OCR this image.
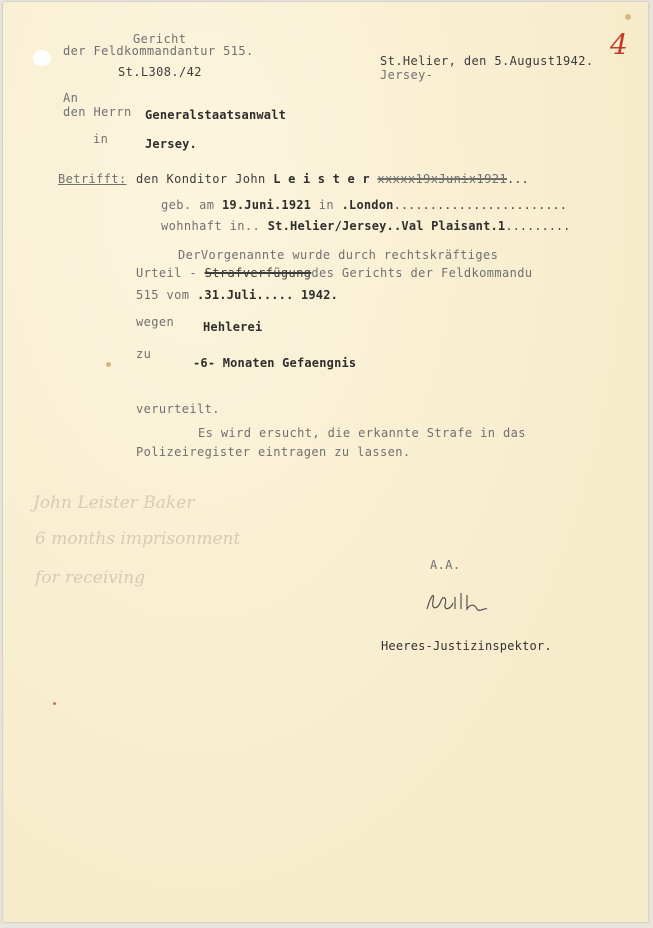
4
Gericht
der Feldkommandantur 515.
St.L308./42
St.Helier, den 5.August1942.
Jersey-
An
den Herrn Generalstaatsanwalt
in	Jersey.
Betrifft: den Konditor John L e i s t e r xxxxx19xJunix1921...
geb. am 19.Juni.1921 in .London........................
wohnhaft in.. St.Helier/Jersey..Val Plaisant.1.........
DerVorgenannte wurde durch rechtskräftiges
Urteil - Strafverfügungdes Gerichts der Feldkommandu
515 vom .31.Juli..... 1942.
wegen Hehlerei
zu
-6- Monaten Gefaengnis
verurteilt.
Es wird ersucht, die erkannte Strafe in das
Polizeiregister eintragen zu lassen.
John Leister Baker
6 months imprisonment
for receiving
A.A.
Heeres-Justizinspektor.
